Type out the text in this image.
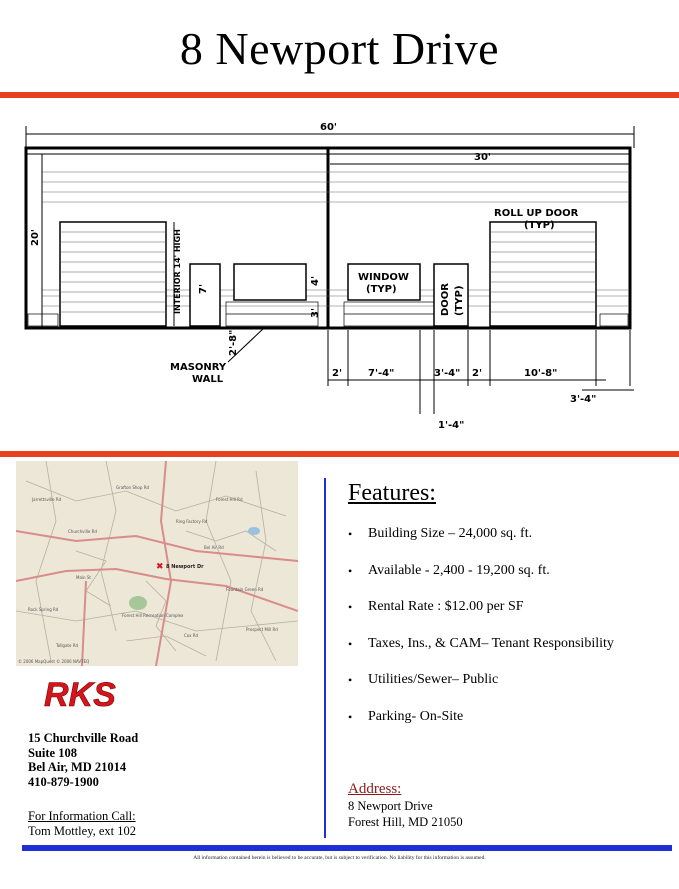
8 Newport Drive
60'
30'
20'	INTERIOR 14' HIGH 7'
4'
3'
WINDOW
(TYP)	DOOR (TYP)
ROLL UP DOOR
(TYP)
MASONRY
WALL
2'-8"
2'	7'-4"	3'-4" 2'	10'-8"
3'-4"
1'-4"
Churchville Rd
Bel Air Rd
Main St
Grafton Shop Rd
Forest Hill Rd
Rock Spring Rd
Cox Rd
Fountain Green Rd
Ring Factory Rd
Tollgate Rd
Prospect Mill Rd
Jarrettsville Rd
Forest Hill Recreation Complex
✖ 8 Newport Dr
© 2006 MapQuest © 2006 NAVTEQ
RKS
15 Churchville Road
Suite 108
Bel Air, MD 21014
410-879-1900
For Information Call:
Tom Mottley, ext 102
Features:
•	Building Size – 24,000 sq. ft.
•	Available - 2,400 - 19,200 sq. ft.
•	Rental Rate : $12.00 per SF
•	Taxes, Ins., & CAM– Tenant Responsibility
•	Utilities/Sewer– Public
•	Parking- On-Site
Address:
8 Newport Drive
Forest Hill, MD 21050
All information contained herein is believed to be accurate, but is subject to verification. No liability for this information is assumed.
